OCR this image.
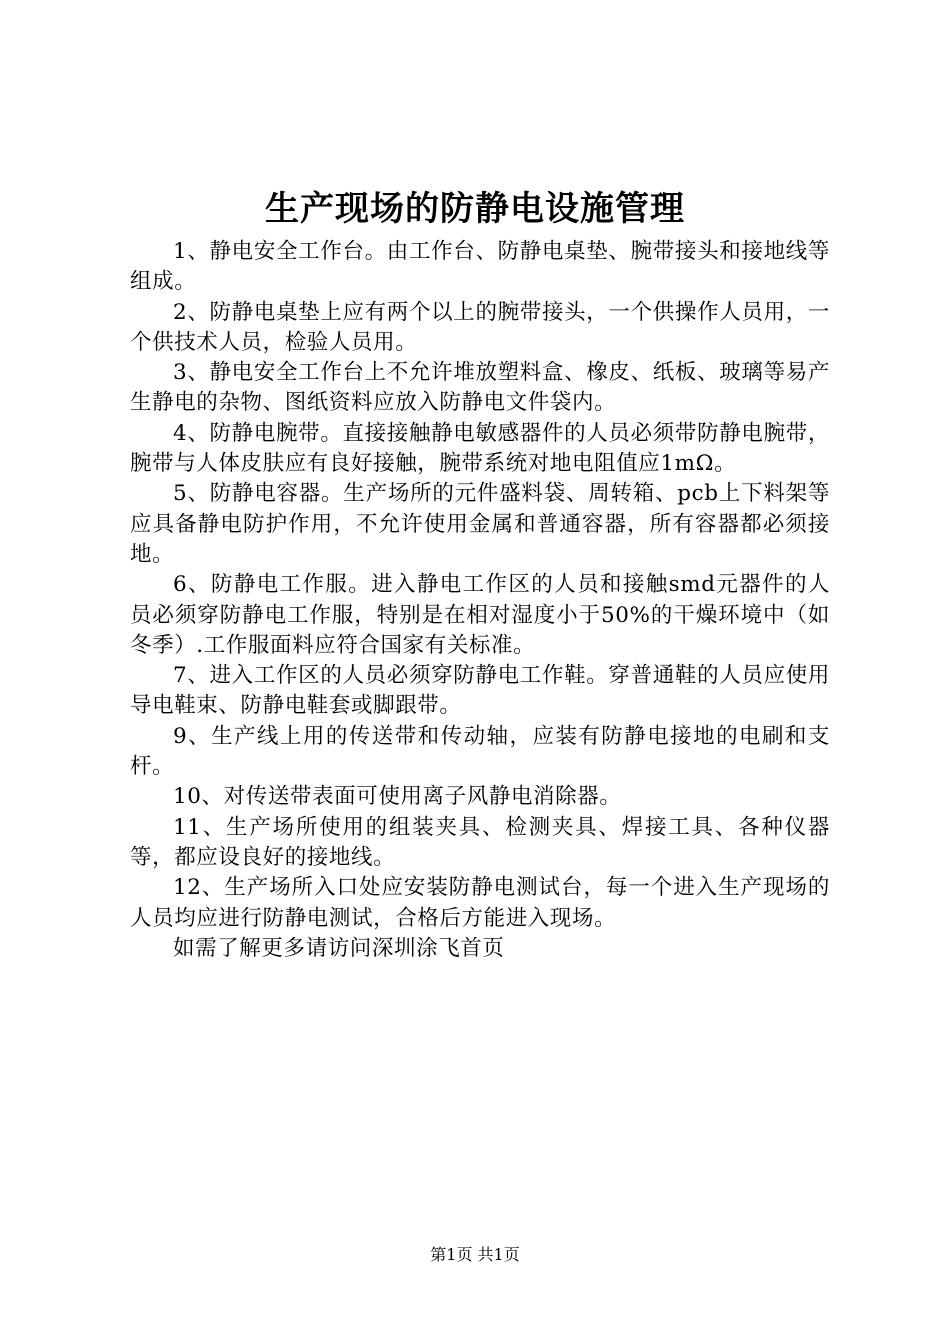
生产现场的防静电设施管理

1、静电安全工作台。由工作台、防静电桌垫、腕带接头和接地线等组成。

2、防静电桌垫上应有两个以上的腕带接头，一个供操作人员用，一个供技术人员，检验人员用。

3、静电安全工作台上不允许堆放塑料盒、橡皮、纸板、玻璃等易产生静电的杂物、图纸资料应放入防静电文件袋内。

4、防静电腕带。直接接触静电敏感器件的人员必须带防静电腕带，腕带与人体皮肤应有良好接触，腕带系统对地电阻值应1mΩ。

5、防静电容器。生产场所的元件盛料袋、周转箱、pcb上下料架等应具备静电防护作用，不允许使用金属和普通容器，所有容器都必须接地。

6、防静电工作服。进入静电工作区的人员和接触smd元器件的人员必须穿防静电工作服，特别是在相对湿度小于50%的干燥环境中（如冬季）.工作服面料应符合国家有关标准。

7、进入工作区的人员必须穿防静电工作鞋。穿普通鞋的人员应使用导电鞋束、防静电鞋套或脚跟带。

9、生产线上用的传送带和传动轴，应装有防静电接地的电刷和支杆。

10、对传送带表面可使用离子风静电消除器。

11、生产场所使用的组装夹具、检测夹具、焊接工具、各种仪器等，都应设良好的接地线。

12、生产场所入口处应安装防静电测试台，每一个进入生产现场的人员均应进行防静电测试，合格后方能进入现场。

如需了解更多请访问深圳涂飞首页

第1页 共1页
